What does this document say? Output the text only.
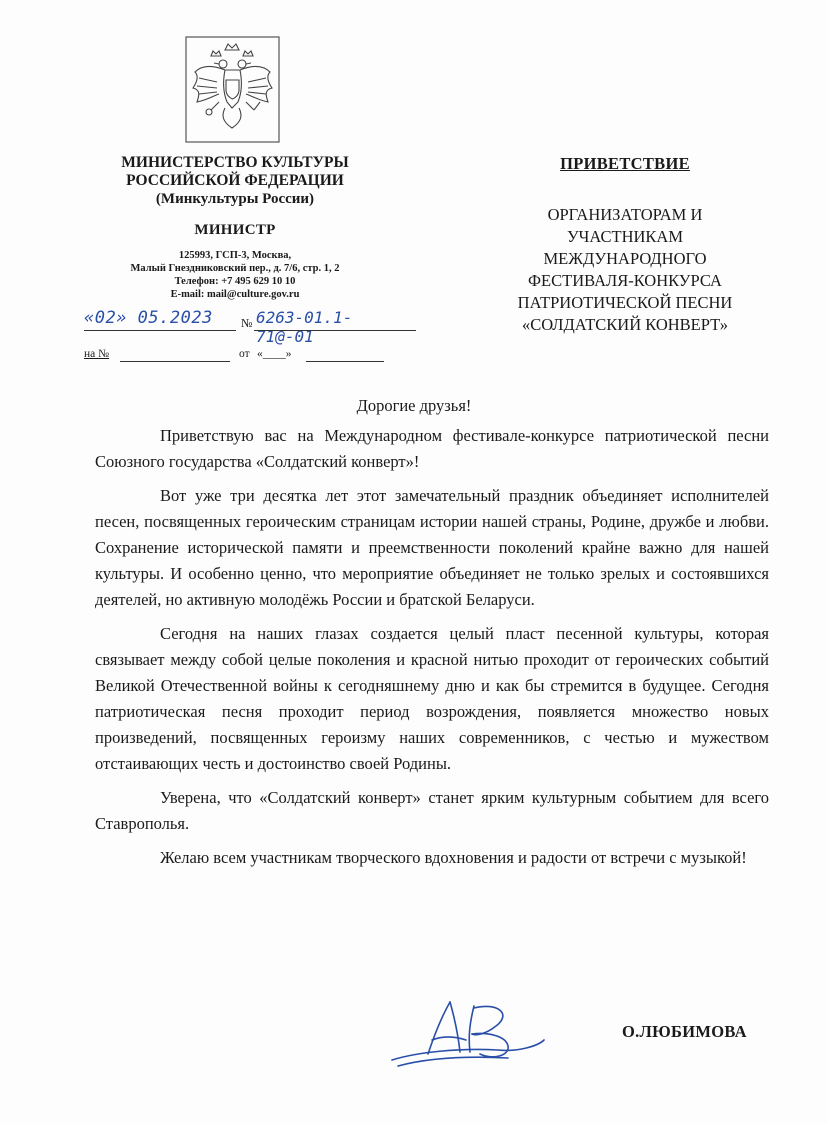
МИНИСТЕРСТВО КУЛЬТУРЫ
РОССИЙСКОЙ ФЕДЕРАЦИИ
(Минкультуры России)
МИНИСТР
125993, ГСП-3, Москва,
Малый Гнездниковский пер., д. 7/6, стр. 1, 2
Телефон: +7 495 629 10 10
E-mail: mail@culture.gov.ru
«02» 05.2023 № 6263-01.1-71@-01
на №	от «____»
ПРИВЕТСТВИЕ
ОРГАНИЗАТОРАМ И
УЧАСТНИКАМ
МЕЖДУНАРОДНОГО
ФЕСТИВАЛЯ-КОНКУРСА
ПАТРИОТИЧЕСКОЙ ПЕСНИ
«СОЛДАТСКИЙ КОНВЕРТ»
Дорогие друзья!

Приветствую вас на Международном фестивале-конкурсе патриотической песни Союзного государства «Солдатский конверт»!

Вот уже три десятка лет этот замечательный праздник объединяет исполнителей песен, посвященных героическим страницам истории нашей страны, Родине, дружбе и любви. Сохранение исторической памяти и преемственности поколений крайне важно для нашей культуры. И особенно ценно, что мероприятие объединяет не только зрелых и состоявшихся деятелей, но активную молодёжь России и братской Беларуси.

Сегодня на наших глазах создается целый пласт песенной культуры, которая связывает между собой целые поколения и красной нитью проходит от героических событий Великой Отечественной войны к сегодняшнему дню и как бы стремится в будущее. Сегодня патриотическая песня проходит период возрождения, появляется множество новых произведений, посвященных героизму наших современников, с честью и мужеством отстаивающих честь и достоинство своей Родины.

Уверена, что «Солдатский конверт» станет ярким культурным событием для всего Ставрополья.

Желаю всем участникам творческого вдохновения и радости от встречи с музыкой!

О.ЛЮБИМОВА
